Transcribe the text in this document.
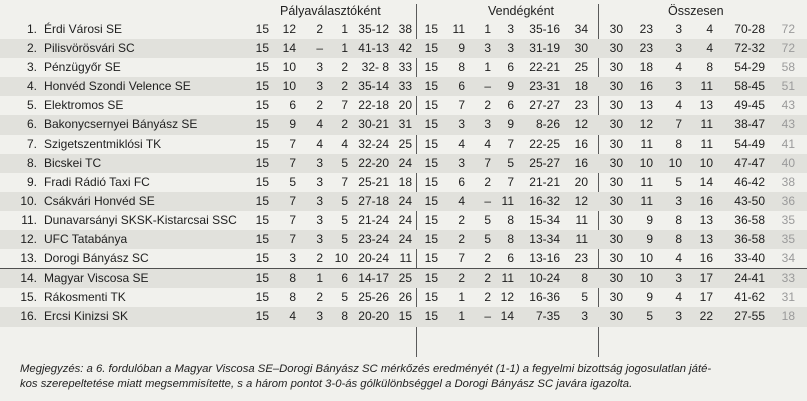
Pályaválasztóként	Vendégként	Összesen
1. Érdi Városi SE	15 12 2 1 35-12 38 15 11 1 3 35-16 34 30 23 3 4 70-28 72
2. Pilisvörösvári SC	15 14 – 1 41-13 42 15 9 3 3 31-19 30 30 23 3 4 72-32 72
3. Pénzügyőr SE	15 10 3 2 32- 8 33 15 8 1 6 22-21 25 30 18 4 8 54-29 58
4. Honvéd Szondi Velence SE	15 10 3 2 35-14 33 15 6 – 9 23-31 18 30 16 3 11 58-45 51
5. Elektromos SE	15 6 2 7 22-18 20 15 7 2 6 27-27 23 30 13 4 13 49-45 43
6. Bakonycsernyei Bányász SE	15 9 4 2 30-21 31 15 3 3 9 8-26 12 30 12 7 11 38-47 43
7. Szigetszentmiklósi TK	15 7 4 4 32-24 25 15 4 4 7 22-25 16 30 11 8 11 54-49 41
8. Bicskei TC	15 7 3 5 22-20 24 15 3 7 5 25-27 16 30 10 10 10 47-47 40
9. Fradi Rádió Taxi FC	15 5 3 7 25-21 18 15 6 2 7 21-21 20 30 11 5 14 46-42 38
10. Csákvári Honvéd SE	15 7 3 5 27-18 24 15 4 – 11 16-32 12 30 11 3 16 43-50 36
11. Dunavarsányi SKSK-Kistarcsai SSC 15 7 3 5 21-24 24 15 2 5 8 15-34 11 30 9 8 13 36-58 35
12. UFC Tatabánya	15 7 3 5 23-24 24 15 2 5 8 13-34 11 30 9 8 13 36-58 35
13. Dorogi Bányász SC	15 3 2 10 20-24 11 15 7 2 6 13-16 23 30 10 4 16 33-40 34
14. Magyar Viscosa SE	15 8 1 6 14-17 25 15 2 2 11 10-24 8 30 10 3 17 24-41 33
15. Rákosmenti TK	15 8 2 5 25-26 26 15 1 2 12 16-36 5 30 9 4 17 41-62 31
16. Ercsi Kinizsi SK	15 4 3 8 20-20 15 15 1 – 14 7-35 3 30 5 3 22 27-55 18
Megjegyzés: a 6. fordulóban a Magyar Viscosa SE–Dorogi Bányász SC mérkőzés eredményét (1-1) a fegyelmi bizottság jogosulatlan játé-
kos szerepeltetése miatt megsemmisítette, s a három pontot 3-0-ás gólkülönbséggel a Dorogi Bányász SC javára igazolta.
